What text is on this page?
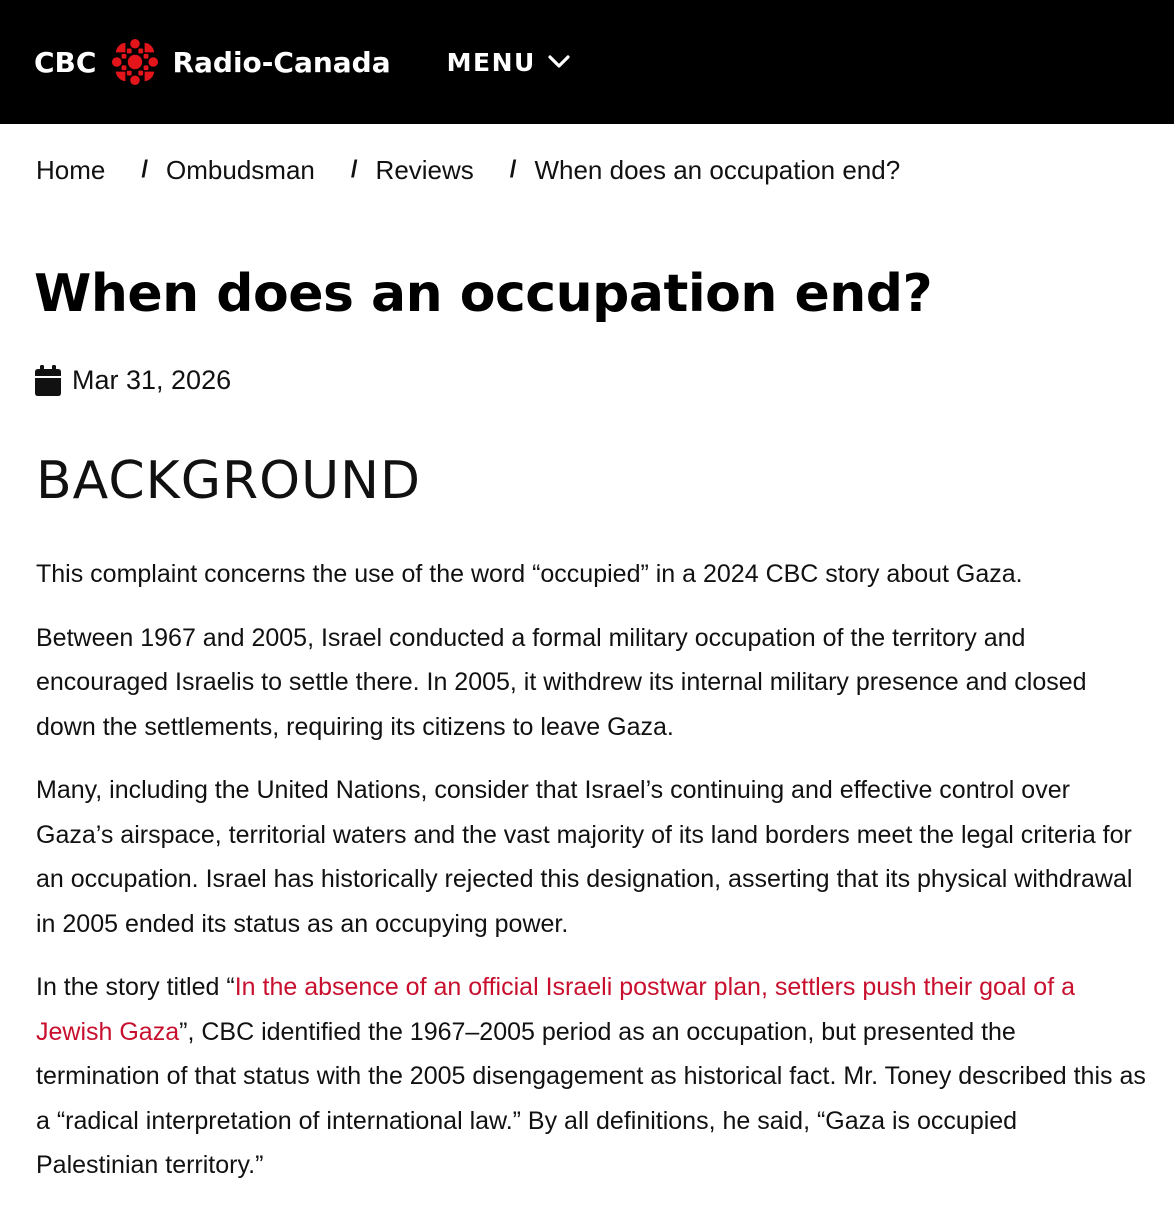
CBC	Radio-Canada MENU
Home / Ombudsman / Reviews / When does an occupation end?
When does an occupation end?
Mar 31, 2026
BACKGROUND

This complaint concerns the use of the word “occupied” in a 2024 CBC story about Gaza.

Between 1967 and 2005, Israel conducted a formal military occupation of the territory and encouraged Israelis to settle there. In 2005, it withdrew its internal military presence and closed down the settlements, requiring its citizens to leave Gaza.

Many, including the United Nations, consider that Israel’s continuing and effective control over Gaza’s airspace, territorial waters and the vast majority of its land borders meet the legal criteria for an occupation. Israel has historically rejected this designation, asserting that its physical withdrawal in 2005 ended its status as an occupying power.

In the story titled “In the absence of an official Israeli postwar plan, settlers push their goal of a Jewish Gaza”, CBC identified the 1967–2005 period as an occupation, but presented the termination of that status with the 2005 disengagement as historical fact. Mr. Toney described this as a “radical interpretation of international law.” By all definitions, he said, “Gaza is occupied Palestinian territory.”
